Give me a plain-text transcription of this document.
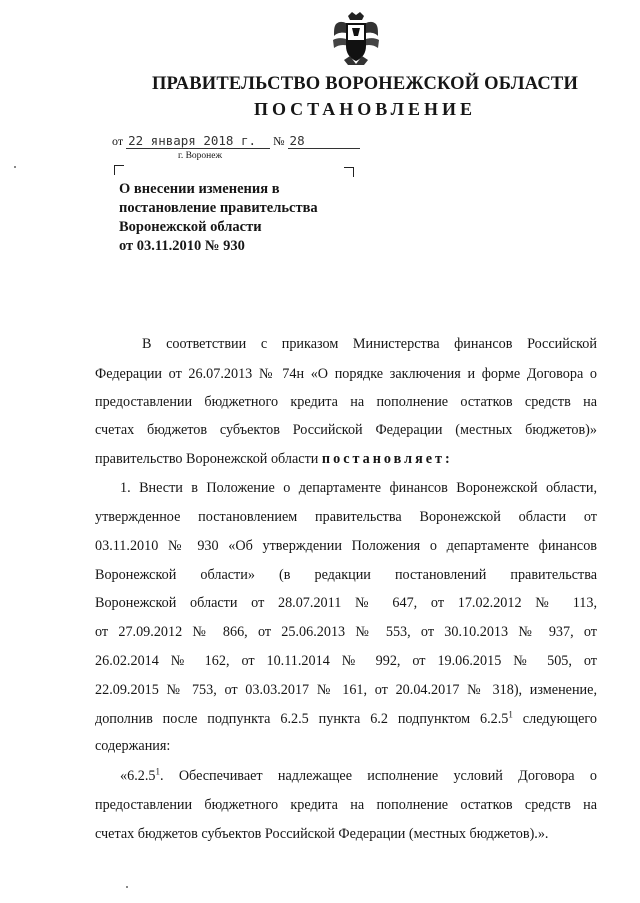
ПРАВИТЕЛЬСТВО ВОРОНЕЖСКОЙ ОБЛАСТИ
ПОСТАНОВЛЕНИЕ
от 22 января 2018 г. № 28
г. Воронеж
О внесении изменения в
постановление правительства
Воронежской области
от 03.11.2010 № 930
В соответствии с приказом Министерства финансов Российской
Федерации от 26.07.2013 № 74н «О порядке заключения и форме Договора о
предоставлении бюджетного кредита на пополнение остатков средств на
счетах бюджетов субъектов Российской Федерации (местных бюджетов)»
правительство Воронежской области постановляет:
1. Внести в Положение о департаменте финансов Воронежской области,
утвержденное постановлением правительства Воронежской области от
03.11.2010 № 930 «Об утверждении Положения о департаменте финансов
Воронежской области» (в редакции постановлений правительства
Воронежской области от 28.07.2011 № 647, от 17.02.2012 № 113,
от 27.09.2012 № 866, от 25.06.2013 № 553, от 30.10.2013 № 937, от
26.02.2014 № 162, от 10.11.2014 № 992, от 19.06.2015 № 505, от
22.09.2015 № 753, от 03.03.2017 № 161, от 20.04.2017 № 318), изменение,
дополнив после подпункта 6.2.5 пункта 6.2 подпунктом 6.2.5$^1$ следующего
содержания:
«6.2.5$^1$. Обеспечивает надлежащее исполнение условий Договора о
предоставлении бюджетного кредита на пополнение остатков средств на
счетах бюджетов субъектов Российской Федерации (местных бюджетов).».
